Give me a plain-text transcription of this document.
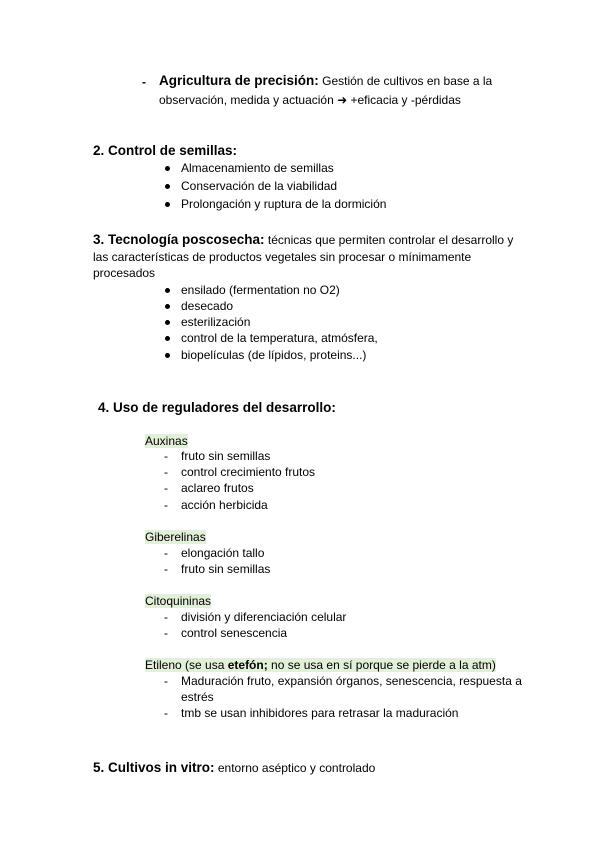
- Agricultura de precisión: Gestión de cultivos en base a la
observación, medida y actuación ➜ +eficacia y -pérdidas
2. Control de semillas:
Almacenamiento de semillas
Conservación de la viabilidad
Prolongación y ruptura de la dormición
3. Tecnología poscosecha: técnicas que permiten controlar el desarrollo y
las características de productos vegetales sin procesar o mínimamente
procesados
ensilado (fermentation no O2)
desecado
esterilización
control de la temperatura, atmósfera,
biopelículas (de lípidos, proteins...)
4. Uso de reguladores del desarrollo:
Auxinas
- fruto sin semillas
- control crecimiento frutos
- aclareo frutos
- acción herbicida
Giberelinas
- elongación tallo
- fruto sin semillas
Citoquininas
- división y diferenciación celular
- control senescencia
Etileno (se usa etefón; no se usa en sí porque se pierde a la atm)
- Maduración fruto, expansión órganos, senescencia, respuesta a
estrés
- tmb se usan inhibidores para retrasar la maduración
5. Cultivos in vitro: entorno aséptico y controlado
